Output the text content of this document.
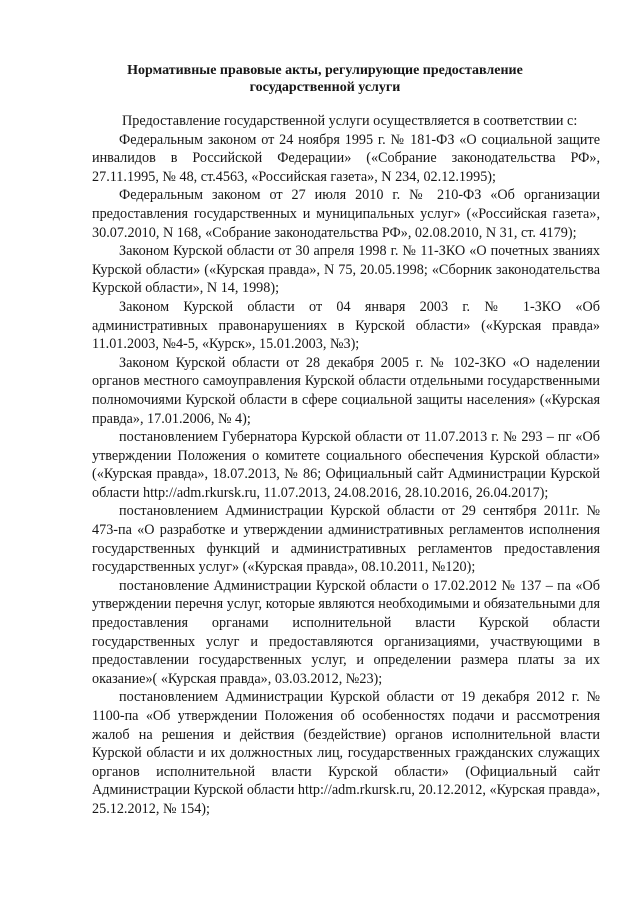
Нормативные правовые акты, регулирующие предоставление
государственной услуги

Предоставление государственной услуги осуществляется в соответствии с:

Федеральным законом от 24 ноября 1995 г. № 181-ФЗ «О социальной защите инвалидов в Российской Федерации» («Собрание законодательства РФ», 27.11.1995, № 48, ст.4563, «Российская газета», N 234, 02.12.1995);

Федеральным законом от 27 июля 2010 г. № 210-ФЗ «Об организации предоставления государственных и муниципальных услуг» («Российская газета», 30.07.2010, N 168, «Собрание законодательства РФ», 02.08.2010, N 31, ст. 4179);

Законом Курской области от 30 апреля 1998 г. № 11-ЗКО «О почетных званиях Курской области» («Курская правда», N 75, 20.05.1998; «Сборник законодательства Курской области», N 14, 1998);

Законом Курской области от 04 января 2003 г. № 1-ЗКО «Об административных правонарушениях в Курской области» («Курская правда» 11.01.2003, №4-5, «Курск», 15.01.2003, №3);

Законом Курской области от 28 декабря 2005 г. № 102-ЗКО «О наделении органов местного самоуправления Курской области отдельными государственными полномочиями Курской области в сфере социальной защиты населения» («Курская правда», 17.01.2006, № 4);

постановлением Губернатора Курской области от 11.07.2013 г. № 293 – пг «Об утверждении Положения о комитете социального обеспечения Курской области» («Курская правда», 18.07.2013, № 86; Официальный сайт Администрации Курской области http://adm.rkursk.ru, 11.07.2013, 24.08.2016, 28.10.2016, 26.04.2017);

постановлением Администрации Курской области от 29 сентября 2011г. № 473-па «О разработке и утверждении административных регламентов исполнения государственных функций и административных регламентов предоставления государственных услуг» («Курская правда», 08.10.2011, №120);

постановление Администрации Курской области о 17.02.2012 № 137 – па «Об утверждении перечня услуг, которые являются необходимыми и обязательными для предоставления органами исполнительной власти Курской области государственных услуг и предоставляются организациями, участвующими в предоставлении государственных услуг, и определении размера платы за их оказание»( «Курская правда», 03.03.2012, №23);

постановлением Администрации Курской области от 19 декабря 2012 г. № 1100-па «Об утверждении Положения об особенностях подачи и рассмотрения жалоб на решения и действия (бездействие) органов исполнительной власти Курской области и их должностных лиц, государственных гражданских служащих органов исполнительной власти Курской области» (Официальный сайт Администрации Курской области http://adm.rkursk.ru, 20.12.2012, «Курская правда», 25.12.2012, № 154);
